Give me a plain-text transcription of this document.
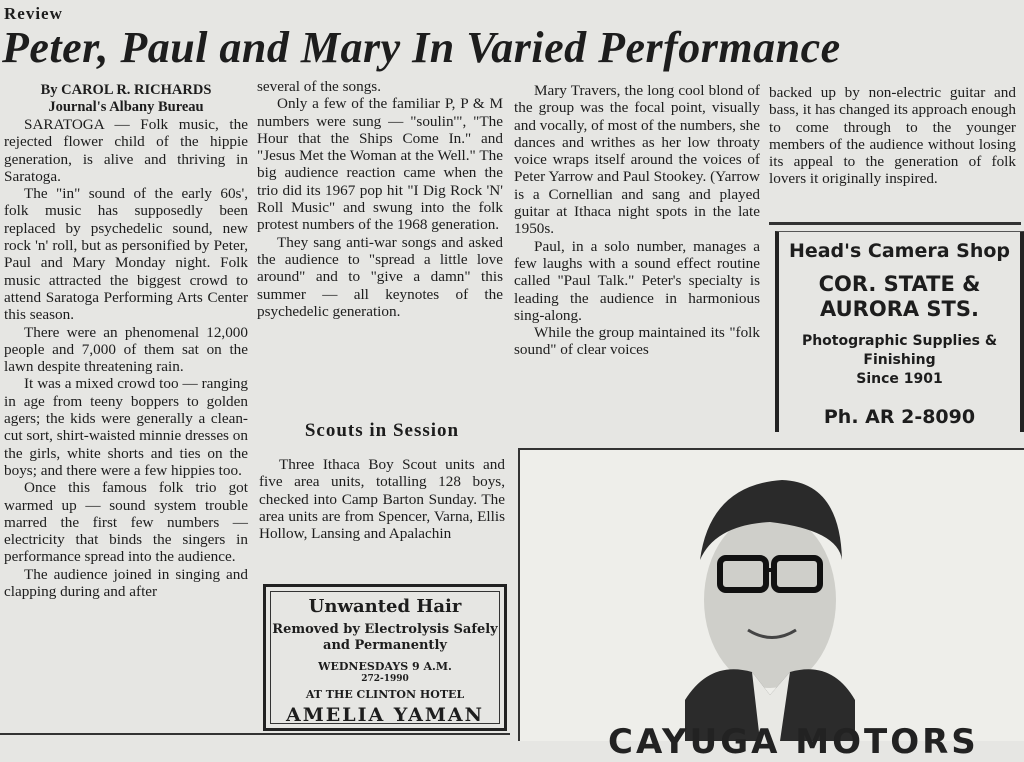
Review
Peter, Paul and Mary In Varied Performance
By CAROL R. RICHARDS
Journal's Albany Bureau

SARATOGA — Folk music, the rejected flower child of the hippie generation, is alive and thriving in Saratoga.

The "in" sound of the early 60s', folk music has supposedly been replaced by psychedelic sound, new rock 'n' roll, but as personified by Peter, Paul and Mary Monday night. Folk music attracted the biggest crowd to attend Saratoga Performing Arts Center this season.

There were an phenomenal 12,000 people and 7,000 of them sat on the lawn despite threatening rain.

It was a mixed crowd too — ranging in age from teeny boppers to golden agers; the kids were generally a clean-cut sort, shirt-waisted minnie dresses on the girls, white shorts and ties on the boys; and there were a few hippies too.

Once this famous folk trio got warmed up — sound system trouble marred the first few numbers — electricity that binds the singers in performance spread into the audience.

The audience joined in singing and clapping during and after

several of the songs.

Only a few of the familiar P, P & M numbers were sung — "soulin'", "The Hour that the Ships Come In." and "Jesus Met the Woman at the Well." The big audience reaction came when the trio did its 1967 pop hit "I Dig Rock 'N' Roll Music" and swung into the folk protest numbers of the 1968 generation.

They sang anti-war songs and asked the audience to "spread a little love around" and to "give a damn" this summer — all keynotes of the psychedelic generation.

Scouts in Session

Three Ithaca Boy Scout units and five area units, totalling 128 boys, checked into Camp Barton Sunday. The area units are from Spencer, Varna, Ellis Hollow, Lansing and Apalachin

Mary Travers, the long cool blond of the group was the focal point, visually and vocally, of most of the numbers, she dances and writhes as her low throaty voice wraps itself around the voices of Peter Yarrow and Paul Stookey. (Yarrow is a Cornellian and sang and played guitar at Ithaca night spots in the late 1950s.

Paul, in a solo number, manages a few laughs with a sound effect routine called "Paul Talk." Peter's specialty is leading the audience in harmonious sing-along.

While the group maintained its "folk sound" of clear voices

backed up by non-electric guitar and bass, it has changed its approach enough to come through to the younger members of the audience without losing its appeal to the generation of folk lovers it originally inspired.

Head's Camera Shop
COR. STATE & AURORA STS.
Photographic Supplies & Finishing
Since 1901
Ph. AR 2-8090
Unwanted Hair
Removed by Electrolysis Safely and Permanently
WEDNESDAYS 9 A.M.
272-1990
AT THE CLINTON HOTEL
AMELIA YAMAN
CAYUGA MOTORS
